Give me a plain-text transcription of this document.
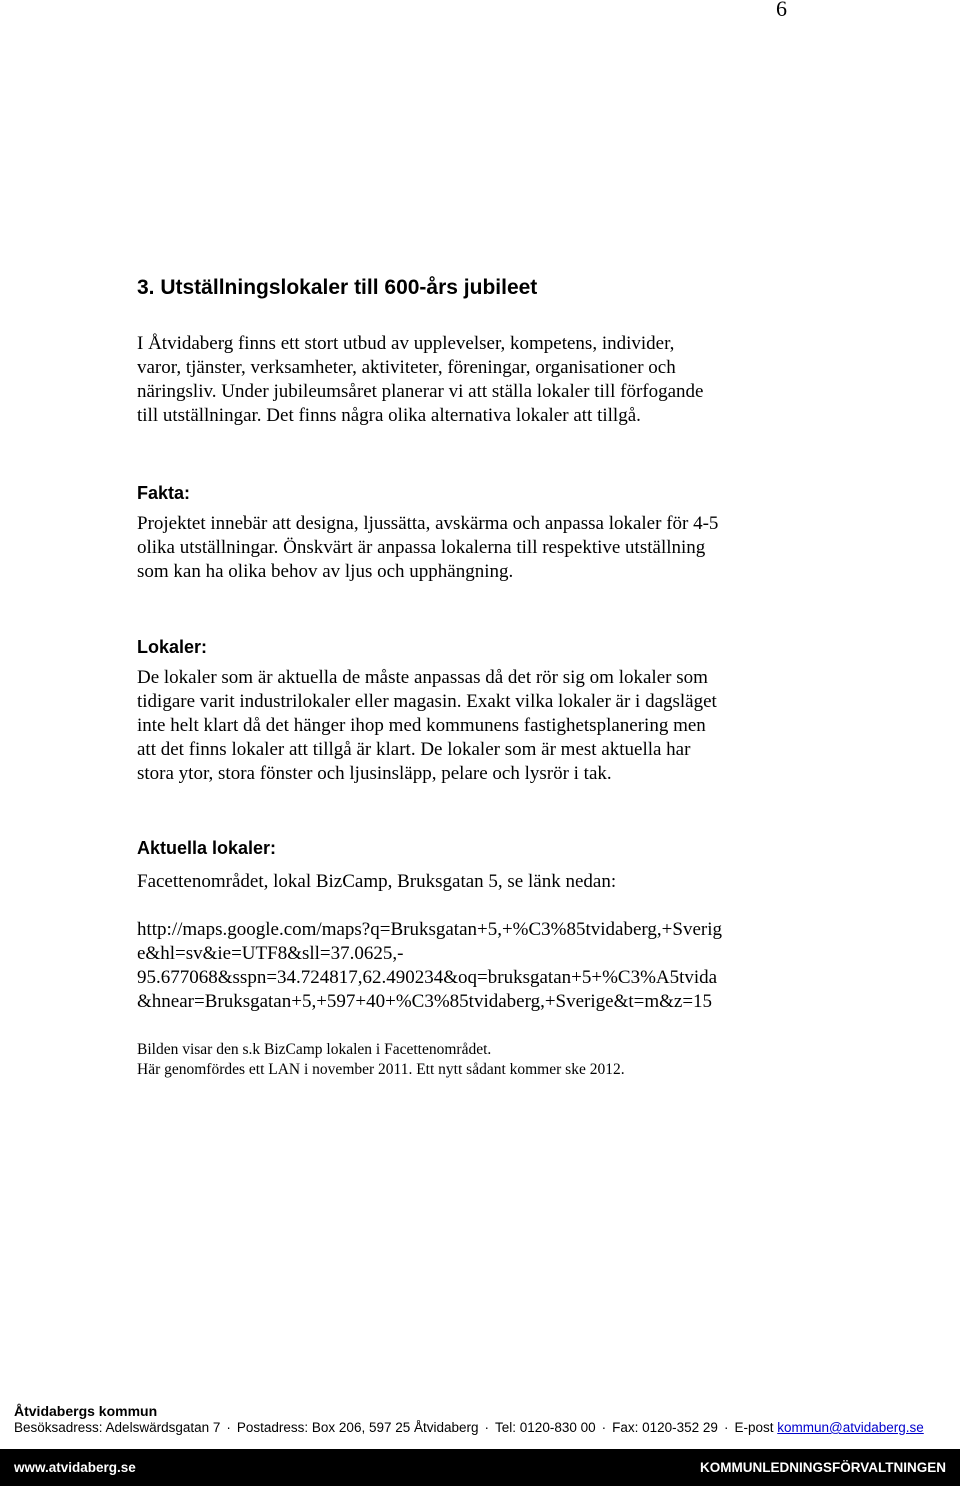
6
3. Utställningslokaler till 600-års jubileet
I Åtvidaberg finns ett stort utbud av upplevelser, kompetens, individer,
varor, tjänster, verksamheter, aktiviteter, föreningar, organisationer och
näringsliv. Under jubileumsåret planerar vi att ställa lokaler till förfogande
till utställningar. Det finns några olika alternativa lokaler att tillgå.
Fakta:
Projektet innebär att designa, ljussätta, avskärma och anpassa lokaler för 4-5
olika utställningar. Önskvärt är anpassa lokalerna till respektive utställning
som kan ha olika behov av ljus och upphängning.
Lokaler:
De lokaler som är aktuella de måste anpassas då det rör sig om lokaler som
tidigare varit industrilokaler eller magasin. Exakt vilka lokaler är i dagsläget
inte helt klart då det hänger ihop med kommunens fastighetsplanering men
att det finns lokaler att tillgå är klart. De lokaler som är mest aktuella har
stora ytor, stora fönster och ljusinsläpp, pelare och lysrör i tak.
Aktuella lokaler:
Facettenområdet, lokal BizCamp, Bruksgatan 5, se länk nedan:
http://maps.google.com/maps?q=Bruksgatan+5,+%C3%85tvidaberg,+Sverig
e&hl=sv&ie=UTF8&sll=37.0625,-
95.677068&sspn=34.724817,62.490234&oq=bruksgatan+5+%C3%A5tvida
&hnear=Bruksgatan+5,+597+40+%C3%85tvidaberg,+Sverige&t=m&z=15
Bilden visar den s.k BizCamp lokalen i Facettenområdet.
Här genomfördes ett LAN i november 2011. Ett nytt sådant kommer ske 2012.
Åtvidabergs kommun
Besöksadress: Adelswärdsgatan 7 · Postadress: Box 206, 597 25 Åtvidaberg · Tel: 0120-830 00 · Fax: 0120-352 29 · E-post kommun@atvidaberg.se
www.atvidaberg.se	KOMMUNLEDNINGSFÖRVALTNINGEN
